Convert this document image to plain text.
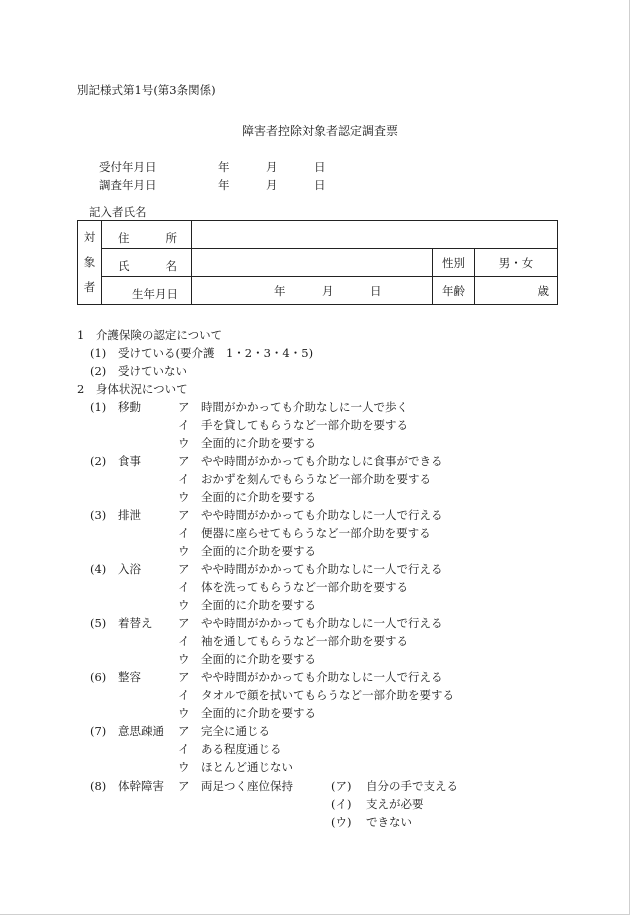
別記様式第1号(第3条関係)
障害者控除対象者認定調査票
受付年月日	年	月	日
調査年月日	年	月	日
記入者氏名
対
象
者	住 所			

	氏 名		性別	男・女

	生 年 月 日	年 月 日	年齢	歳
1　介護保険の認定について
(1) 受けている(要介護　1・2・3・4・5)
(2) 受けていない
2　身体状況について
(1) 移動	ア 時間がかかっても介助なしに一人で歩く
イ 手を貸してもらうなど一部介助を要する
ウ 全面的に介助を要する
(2) 食事	ア やや時間がかかっても介助なしに食事ができる
イ おかずを刻んでもらうなど一部介助を要する
ウ 全面的に介助を要する
(3) 排泄	ア やや時間がかかっても介助なしに一人で行える
イ 便器に座らせてもらうなど一部介助を要する
ウ 全面的に介助を要する
(4) 入浴	ア やや時間がかかっても介助なしに一人で行える
イ 体を洗ってもらうなど一部介助を要する
ウ 全面的に介助を要する
(5) 着替え ア やや時間がかかっても介助なしに一人で行える
イ 袖を通してもらうなど一部介助を要する
ウ 全面的に介助を要する
(6) 整容	ア やや時間がかかっても介助なしに一人で行える
イ タオルで顔を拭いてもらうなど一部介助を要する
ウ 全面的に介助を要する
(7) 意思疎通 ア 完全に通じる
イ ある程度通じる
ウ ほとんど通じない
(8) 体幹障害 ア 両足つく座位保持	(ア) 自分の手で支える
(イ) 支えが必要
(ウ) できない
